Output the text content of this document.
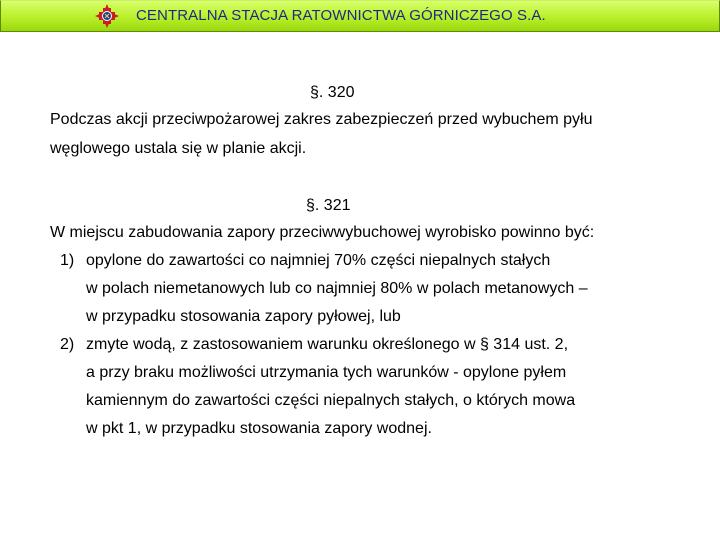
CENTRALNA STACJA RATOWNICTWA GÓRNICZEGO S.A.
§. 320
Podczas akcji przeciwpożarowej zakres zabezpieczeń przed wybuchem pyłu
węglowego ustala się w planie akcji.
§. 321
W miejscu zabudowania zapory przeciwwybuchowej wyrobisko powinno być:
1) opylone do zawartości co najmniej 70% części niepalnych stałych
w polach niemetanowych lub co najmniej 80% w polach metanowych –
w przypadku stosowania zapory pyłowej, lub
2) zmyte wodą, z zastosowaniem warunku określonego w § 314 ust. 2,
a przy braku możliwości utrzymania tych warunków - opylone pyłem
kamiennym do zawartości części niepalnych stałych, o których mowa
w pkt 1, w przypadku stosowania zapory wodnej.
